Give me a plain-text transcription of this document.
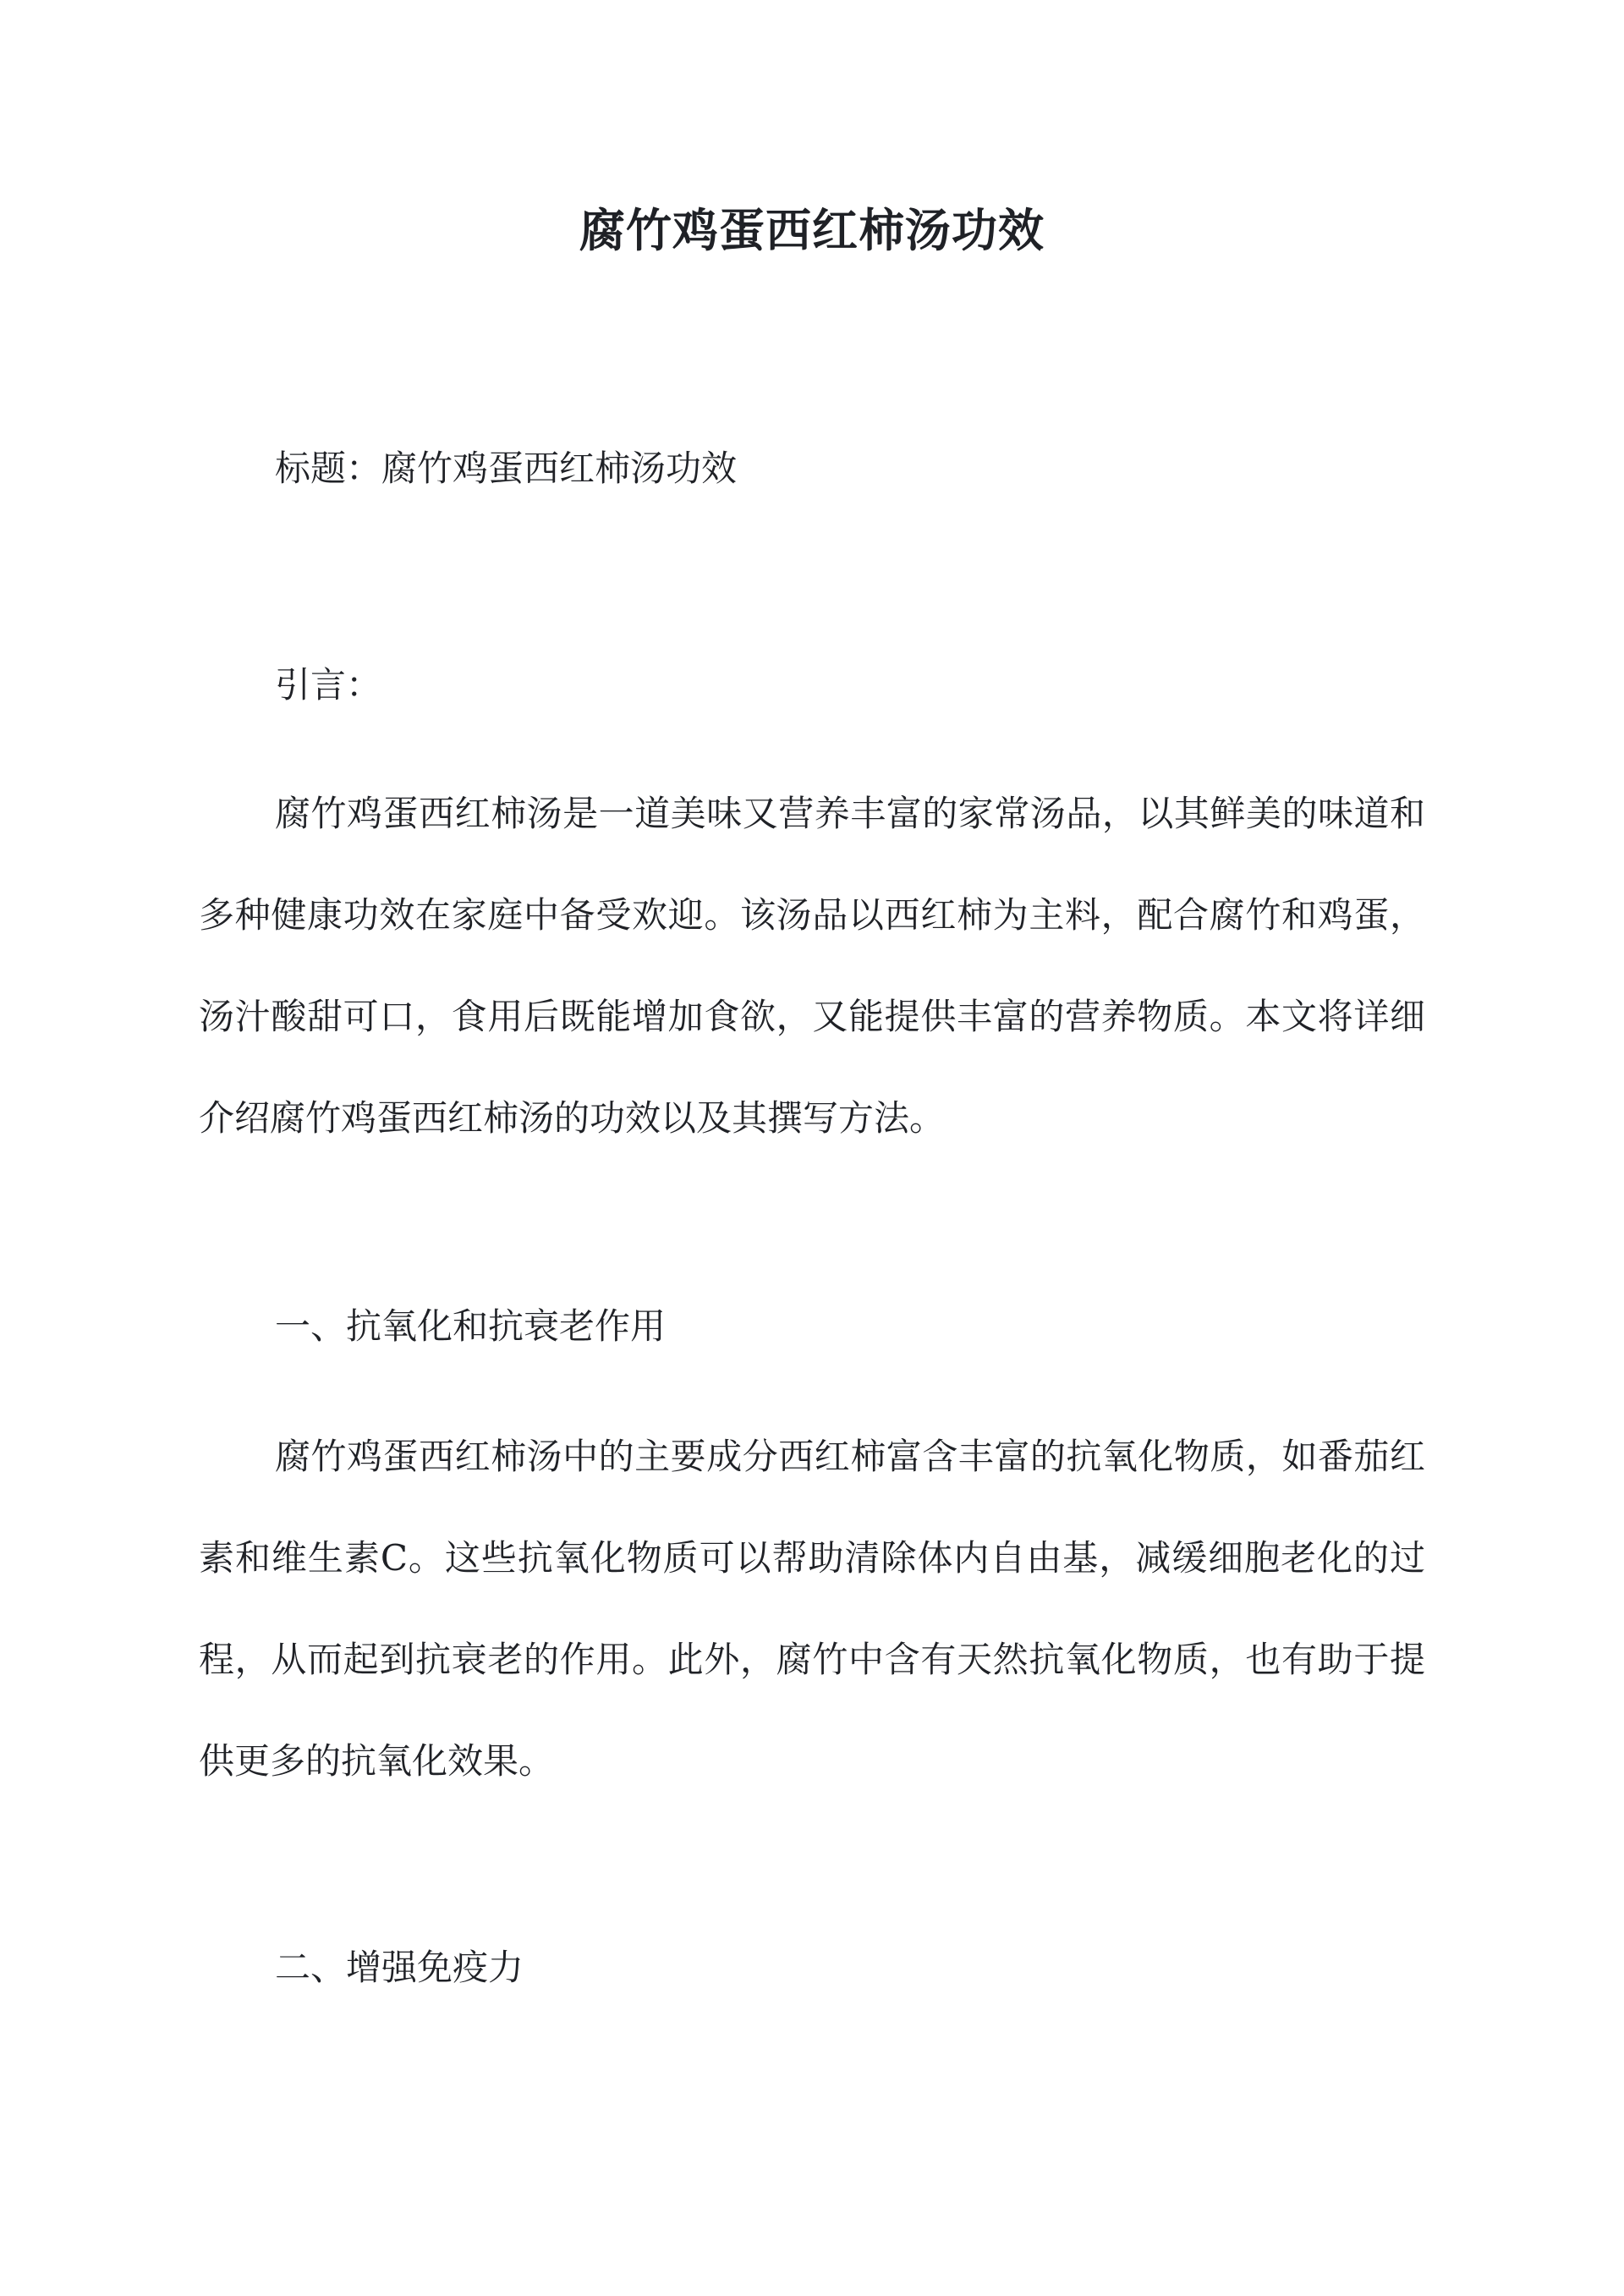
腐竹鸡蛋西红柿汤功效
标题：腐竹鸡蛋西红柿汤功效
引言：

腐竹鸡蛋西红柿汤是一道美味又营养丰富的家常汤品，以其鲜美的味道和多种健康功效在家庭中备受欢迎。该汤品以西红柿为主料，配合腐竹和鸡蛋，汤汁酸甜可口，食用后既能增加食欲，又能提供丰富的营养物质。本文将详细介绍腐竹鸡蛋西红柿汤的功效以及其撰写方法。

一、抗氧化和抗衰老作用

腐竹鸡蛋西红柿汤中的主要成分西红柿富含丰富的抗氧化物质，如番茄红素和维生素C。这些抗氧化物质可以帮助清除体内自由基，减缓细胞老化的过程，从而起到抗衰老的作用。此外，腐竹中含有天然抗氧化物质，也有助于提供更多的抗氧化效果。

二、增强免疫力
